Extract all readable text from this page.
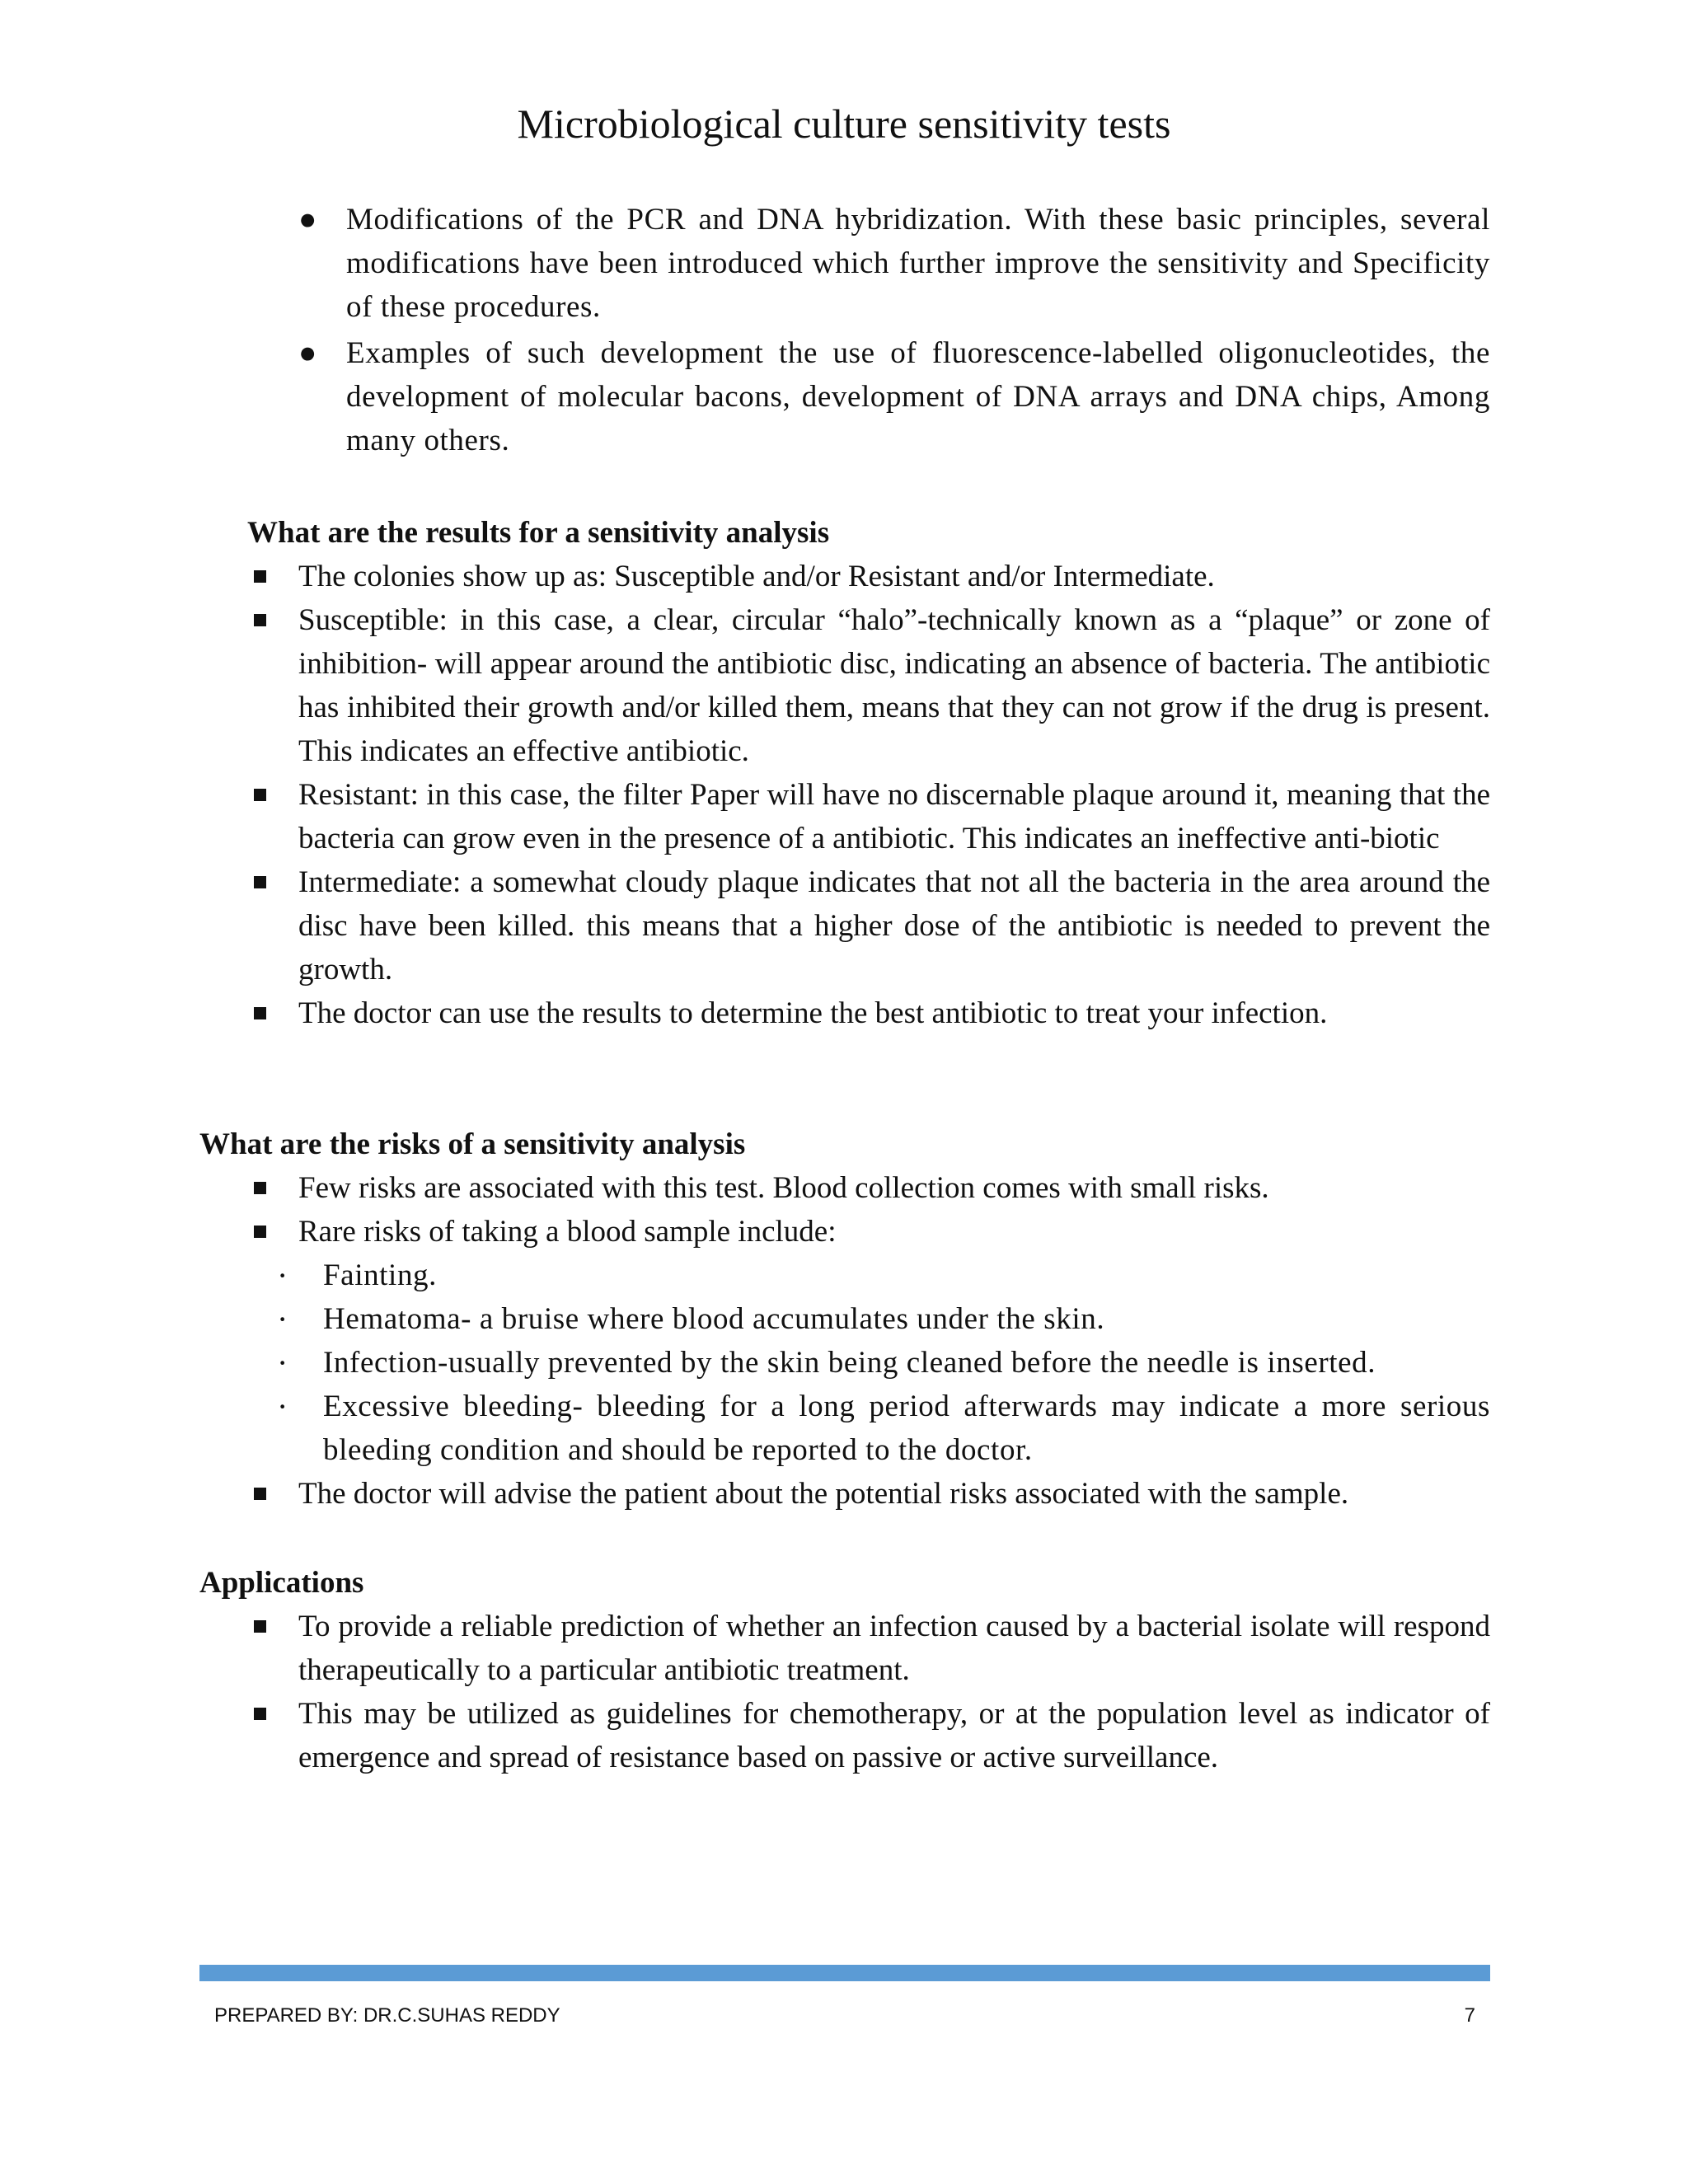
Microbiological culture sensitivity tests
● Modifications of the PCR and DNA hybridization. With these basic principles, several modifications have been introduced which further improve the sensitivity and Specificity of these procedures.
● Examples of such development the use of fluorescence-labelled oligonucleotides, the development of molecular bacons, development of DNA arrays and DNA chips, Among many others.
What are the results for a sensitivity analysis
The colonies show up as: Susceptible and/or Resistant and/or Intermediate.
Susceptible: in this case, a clear, circular “halo”-technically known as a “plaque” or zone of inhibition- will appear around the antibiotic disc, indicating an absence of bacteria. The antibiotic has inhibited their growth and/or killed them, means that they can not grow if the drug is present. This indicates an effective antibiotic.
Resistant: in this case, the filter Paper will have no discernable plaque around it, meaning that the bacteria can grow even in the presence of a antibiotic. This indicates an ineffective anti-biotic
Intermediate: a somewhat cloudy plaque indicates that not all the bacteria in the area around the disc have been killed. this means that a higher dose of the antibiotic is needed to prevent the growth.
The doctor can use the results to determine the best antibiotic to treat your infection.
What are the risks of a sensitivity analysis
Few risks are associated with this test. Blood collection comes with small risks.
Rare risks of taking a blood sample include:
· Fainting.
· Hematoma- a bruise where blood accumulates under the skin.
· Infection-usually prevented by the skin being cleaned before the needle is inserted.
· Excessive bleeding- bleeding for a long period afterwards may indicate a more serious bleeding condition and should be reported to the doctor.
The doctor will advise the patient about the potential risks associated with the sample.
Applications
To provide a reliable prediction of whether an infection caused by a bacterial isolate will respond therapeutically to a particular antibiotic treatment.
This may be utilized as guidelines for chemotherapy, or at the population level as indicator of emergence and spread of resistance based on passive or active surveillance.
PREPARED BY: DR.C.SUHAS REDDY	7
